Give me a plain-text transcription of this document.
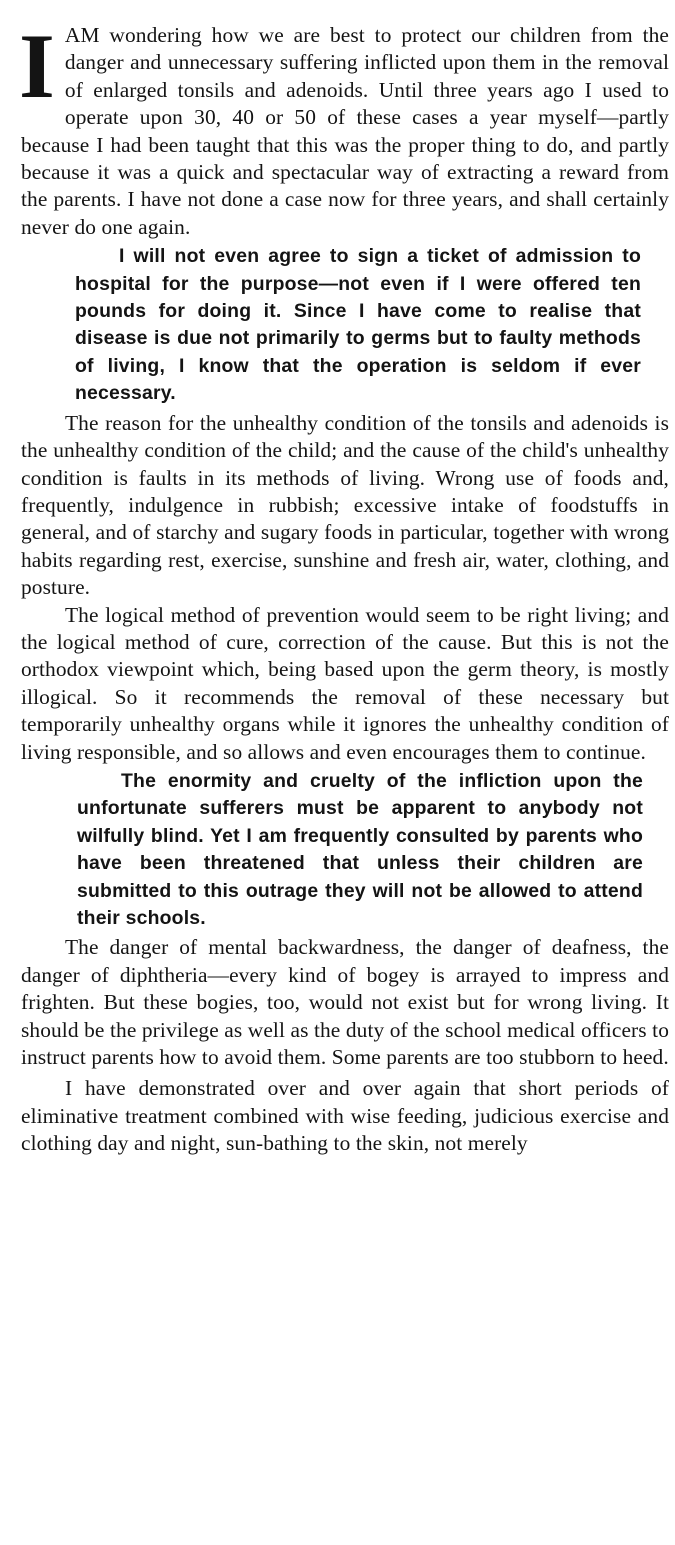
IAM wondering how we are best to protect our children from the danger and unnecessary suffering inflicted upon them in the removal of enlarged tonsils and adenoids. Until three years ago I used to operate upon 30, 40 or 50 of these cases a year myself—partly because I had been taught that this was the proper thing to do, and partly because it was a quick and spectacular way of extracting a reward from the parents. I have not done a case now for three years, and shall certainly never do one again.

I will not even agree to sign a ticket of admission to hospital for the purpose—not even if I were offered ten pounds for doing it. Since I have come to realise that disease is due not primarily to germs but to faulty methods of living, I know that the operation is seldom if ever necessary.

The reason for the unhealthy condition of the tonsils and adenoids is the unhealthy condition of the child; and the cause of the child's unhealthy condition is faults in its methods of living. Wrong use of foods and, frequently, indulgence in rubbish; excessive intake of foodstuffs in general, and of starchy and sugary foods in particular, together with wrong habits regarding rest, exercise, sunshine and fresh air, water, clothing, and posture.

The logical method of prevention would seem to be right living; and the logical method of cure, correction of the cause. But this is not the orthodox viewpoint which, being based upon the germ theory, is mostly illogical. So it recommends the removal of these necessary but temporarily unhealthy organs while it ignores the unhealthy condition of living responsible, and so allows and even encourages them to continue.

The enormity and cruelty of the infliction upon the unfortunate sufferers must be apparent to anybody not wilfully blind. Yet I am frequently consulted by parents who have been threatened that unless their children are submitted to this outrage they will not be allowed to attend their schools.

The danger of mental backwardness, the danger of deafness, the danger of diphtheria—every kind of bogey is arrayed to impress and frighten. But these bogies, too, would not exist but for wrong living. It should be the privilege as well as the duty of the school medical officers to instruct parents how to avoid them. Some parents are too stubborn to heed.

I have demonstrated over and over again that short periods of eliminative treatment combined with wise feeding, judicious exercise and clothing day and night, sun-bathing to the skin, not merely
